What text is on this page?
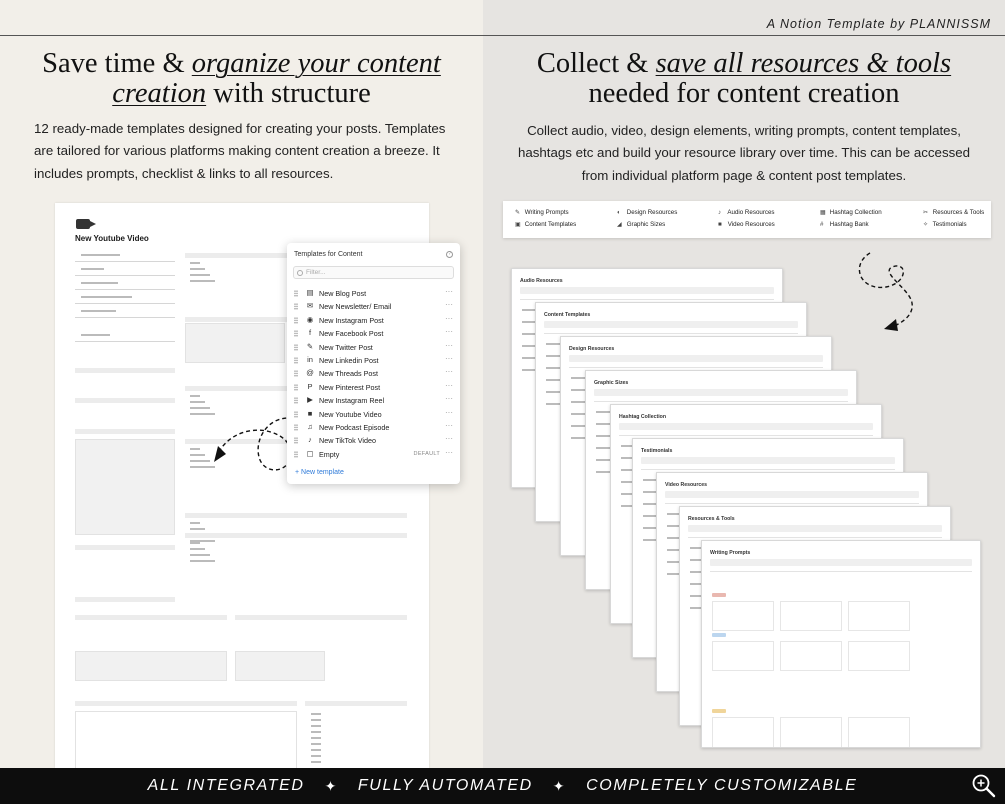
A Notion Template by PLANNISSM
Save time & organize your content creation with structure
12 ready-made templates designed for creating your posts. Templates are tailored for various platforms making content creation a breeze. It includes prompts, checklist & links to all resources.
Collect & save all resources & tools
needed for content creation
Collect audio, video, design elements, writing prompts, content templates, hashtags etc and build your resource library over time. This can be accessed from individual platform page & content post templates.
New Youtube Video
Templates for Content	?
Filter...
▤ New Blog Post	···
✉ New Newsletter/ Email	···
◉ New Instagram Post	···
f	New Facebook Post	···
✎ New Twitter Post	···
in New Linkedin Post	···
@ New Threads Post	···
P New Pinterest Post	···
▶ New Instagram Reel	···
■ New Youtube Video	···
♫ New Podcast Episode	···
♪ New TikTok Video	···
▢ Empty	DEFAULT ···
+ New template
✎ Writing Prompts	◐ Design Resources	♪ Audio Resources	▦ Hashtag Collection	✂ Resources & Tools
▣ Content Templates	◢ Graphic Sizes	■ Video Resources	# Hashtag Bank	✧ Testimonials
Audio Resources
Content Templates
Design Resources
Graphic Sizes
Hashtag Collection
Testimonials
Video Resources
Resources & Tools
Writing Prompts
ALL INTEGRATED ✦ FULLY AUTOMATED ✦ COMPLETELY CUSTOMIZABLE
